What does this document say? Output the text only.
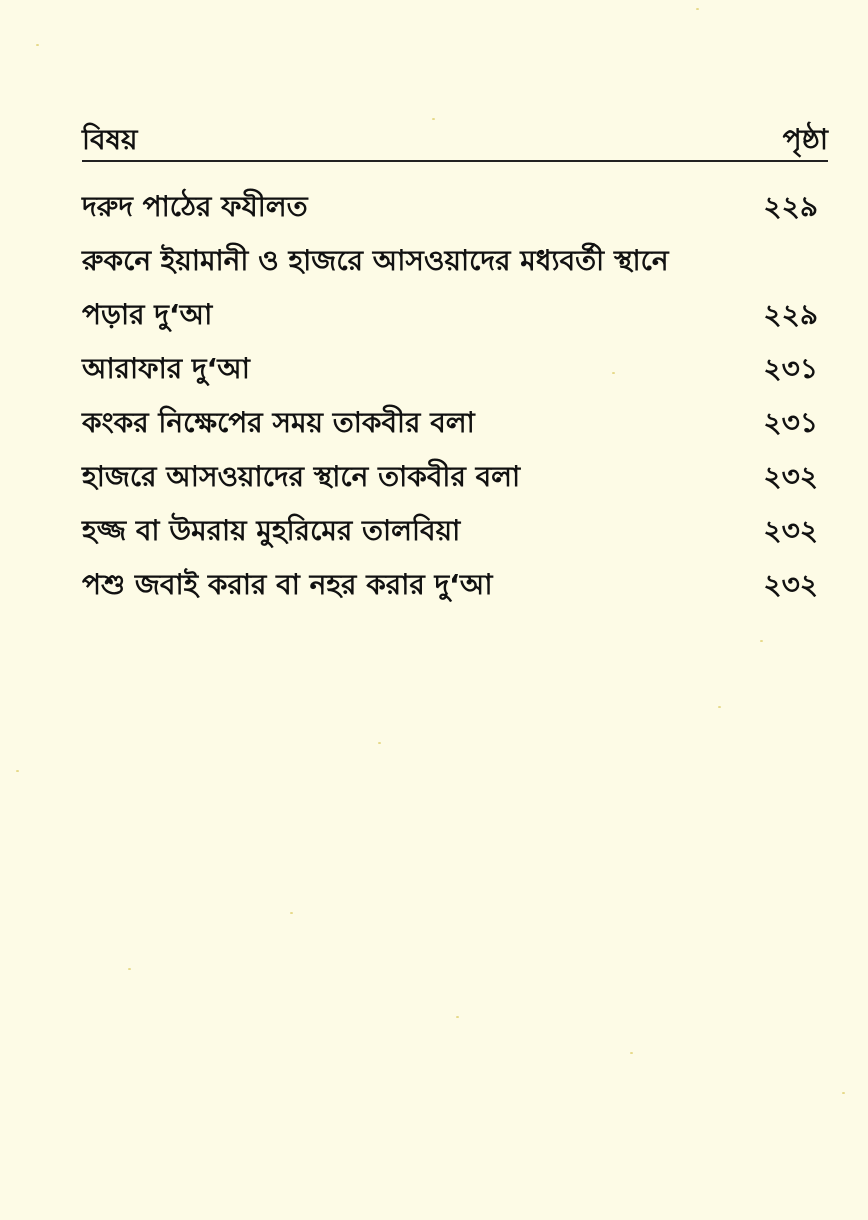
বিষয়	পৃষ্ঠা
দরুদ পাঠের ফযীলত	২২৯
রুকনে ইয়ামানী ও হাজরে আসওয়াদের মধ্যবর্তী স্থানে
পড়ার দু‘আ	২২৯
আরাফার দু‘আ	২৩১
কংকর নিক্ষেপের সময় তাকবীর বলা	২৩১
হাজরে আসওয়াদের স্থানে তাকবীর বলা	২৩২
হজ্জ বা উমরায় মুহরিমের তালবিয়া	২৩২
পশু জবাই করার বা নহর করার দু‘আ	২৩২
